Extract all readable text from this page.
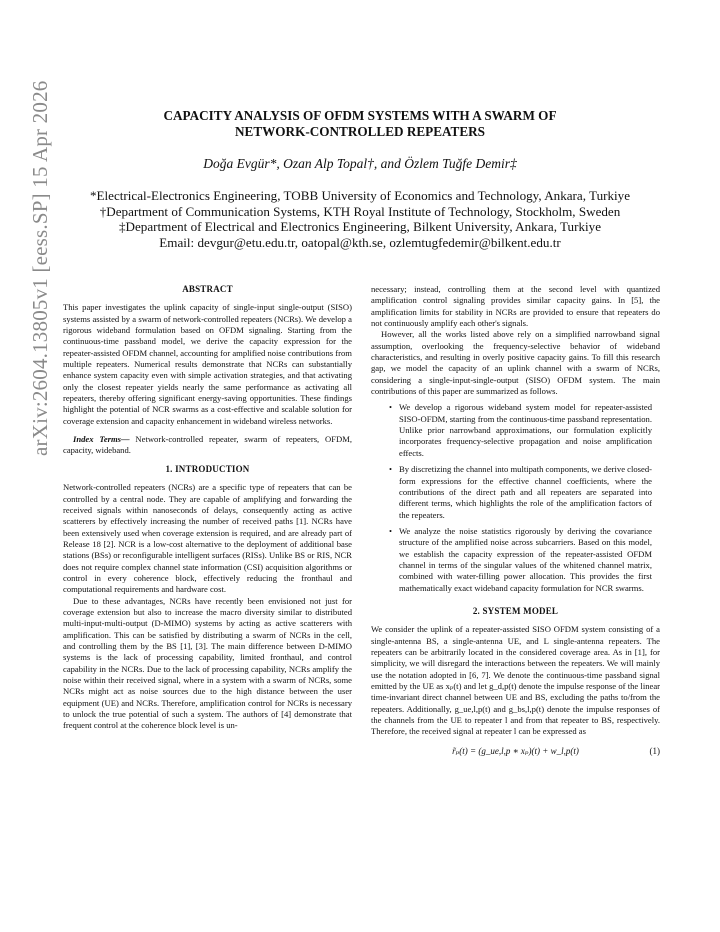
arXiv:2604.13805v1 [eess.SP] 15 Apr 2026	CAPACITY ANALYSIS OF OFDM SYSTEMS WITH A SWARM OF
NETWORK-CONTROLLED REPEATERS
Doğa Evgür*, Ozan Alp Topal†, and Özlem Tuğfe Demir‡
*Electrical-Electronics Engineering, TOBB University of Economics and Technology, Ankara, Turkiye
†Department of Communication Systems, KTH Royal Institute of Technology, Stockholm, Sweden
‡Department of Electrical and Electronics Engineering, Bilkent University, Ankara, Turkiye
Email: devgur@etu.edu.tr, oatopal@kth.se, ozlemtugfedemir@bilkent.edu.tr
ABSTRACT

This paper investigates the uplink capacity of single-input single-output (SISO) systems assisted by a swarm of network-controlled repeaters (NCRs). We develop a rigorous wideband formulation based on OFDM signaling. Starting from the continuous-time passband model, we derive the capacity expression for the repeater-assisted OFDM channel, accounting for amplified noise contributions from multiple repeaters. Numerical results demonstrate that NCRs can substantially enhance system capacity even with simple activation strategies, and that activating only the closest repeater yields nearly the same performance as activating all repeaters, thereby offering significant energy-saving opportunities. These findings highlight the potential of NCR swarms as a cost-effective and scalable solution for coverage extension and capacity enhancement in wideband wireless networks.

Index Terms— Network-controlled repeater, swarm of repeaters, OFDM, capacity, wideband.

1. INTRODUCTION

Network-controlled repeaters (NCRs) are a specific type of repeaters that can be controlled by a central node. They are capable of amplifying and forwarding the received signals within nanoseconds of delays, consequently acting as active scatterers by effectively increasing the number of received paths [1]. NCRs have been extensively used when coverage extension is required, and are already part of Release 18 [2]. NCR is a low-cost alternative to the deployment of additional base stations (BSs) or reconfigurable intelligent surfaces (RISs). Unlike BS or RIS, NCR does not require complex channel state information (CSI) acquisition algorithms or control in every coherence block, effectively reducing the fronthaul and computational requirements and hardware cost.

Due to these advantages, NCRs have recently been envisioned not just for coverage extension but also to increase the macro diversity similar to distributed multi-input-multi-output (D-MIMO) systems by acting as active scatterers with amplification. This can be satisfied by distributing a swarm of NCRs in the cell, and controlling them by the BS [1], [3]. The main difference between D-MIMO systems is the lack of processing capability, limited fronthaul, and control capability in the NCRs. Due to the lack of processing capability, NCRs amplify the noise within their received signal, where in a system with a swarm of NCRs, some NCRs might act as noise sources due to the high distance between the user equipment (UE) and NCRs. Therefore, amplification control for NCRs is necessary to unlock the true potential of such a system. The authors of [4] demonstrate that frequent control at the coherence block level is un-

necessary; instead, controlling them at the second level with quantized amplification control signaling provides similar capacity gains. In [5], the amplification limits for stability in NCRs are provided to ensure that repeaters do not continuously amplify each other's signals.

However, all the works listed above rely on a simplified narrowband signal assumption, overlooking the frequency-selective behavior of wideband characteristics, and resulting in overly positive capacity gains. To fill this research gap, we model the capacity of an uplink channel with a swarm of NCRs, considering a single-input-single-output (SISO) OFDM system. The main contributions of this paper are summarized as follows.

• We develop a rigorous wideband system model for repeater-assisted SISO-OFDM, starting from the continuous-time passband representation. Unlike prior narrowband approximations, our formulation explicitly incorporates frequency-selective propagation and noise amplification effects.
• By discretizing the channel into multipath components, we derive closed-form expressions for the effective channel coefficients, where the contributions of the direct path and all repeaters are separated into different terms, which highlights the role of the amplification factors of the repeaters.
• We analyze the noise statistics rigorously by deriving the covariance structure of the amplified noise across subcarriers. Based on this model, we establish the capacity expression of the repeater-assisted OFDM channel in terms of the singular values of the whitened channel matrix, combined with water-filling power allocation. This provides the first mathematically exact wideband capacity formulation for NCR swarms.
2. SYSTEM MODEL

We consider the uplink of a repeater-assisted SISO OFDM system consisting of a single-antenna BS, a single-antenna UE, and L single-antenna repeaters. The repeaters can be arbitrarily located in the considered coverage area. As in [1], for simplicity, we will disregard the interactions between the repeaters. We will mainly use the notation adopted in [6, 7]. We denote the continuous-time passband signal emitted by the UE as xₚ(t) and let g_d,p(t) denote the impulse response of the linear time-invariant direct channel between UE and BS, excluding the paths to/from the repeaters. Additionally, g_ue,l,p(t) and g_bs,l,p(t) denote the impulse responses of the channels from the UE to repeater l and from that repeater to BS, respectively. Therefore, the received signal at repeater l can be expressed as

r̃ₚ(t) = (g_ue,l,p ∗ xₚ)(t) + w_l,p(t)	(1)
